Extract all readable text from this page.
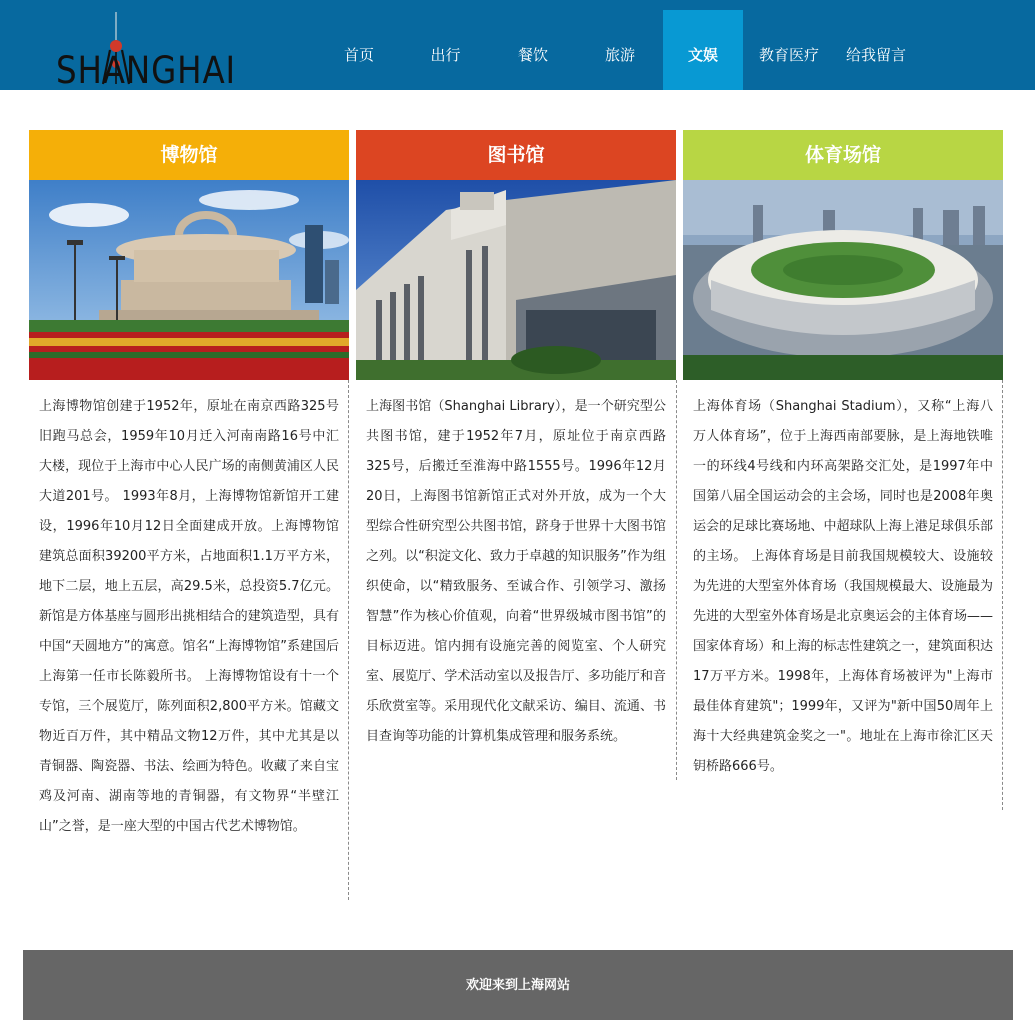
SHANGHAI	首页	出行	餐饮	旅游	文娱	教育医疗	给我留言
博物馆
上海博物馆创建于1952年，原址在南京西路325号旧跑马总会，1959年10月迁入河南南路16号中汇大楼，现位于上海市中心人民广场的南侧黄浦区人民大道201号。 1993年8月，上海博物馆新馆开工建设，1996年10月12日全面建成开放。上海博物馆建筑总面积39200平方米，占地面积1.1万平方米，地下二层，地上五层，高29.5米，总投资5.7亿元。新馆是方体基座与圆形出挑相结合的建筑造型，具有中国“天圆地方”的寓意。馆名“上海博物馆”系建国后上海第一任市长陈毅所书。 上海博物馆设有十一个专馆，三个展览厅，陈列面积2,800平方米。馆藏文物近百万件，其中精品文物12万件，其中尤其是以青铜器、陶瓷器、书法、绘画为特色。收藏了来自宝鸡及河南、湖南等地的青铜器，有文物界“半壁江山”之誉，是一座大型的中国古代艺术博物馆。
图书馆
上海图书馆（Shanghai Library），是一个研究型公共图书馆，建于1952年7月，原址位于南京西路325号，后搬迁至淮海中路1555号。1996年12月20日，上海图书馆新馆正式对外开放，成为一个大型综合性研究型公共图书馆，跻身于世界十大图书馆之列。以“积淀文化、致力于卓越的知识服务”作为组织使命，以“精致服务、至诚合作、引领学习、激扬智慧”作为核心价值观，向着“世界级城市图书馆”的目标迈进。馆内拥有设施完善的阅览室、个人研究室、展览厅、学术活动室以及报告厅、多功能厅和音乐欣赏室等。采用现代化文献采访、编目、流通、书目查询等功能的计算机集成管理和服务系统。
体育场馆
上海体育场（Shanghai Stadium），又称“上海八万人体育场”，位于上海西南部要脉，是上海地铁唯一的环线4号线和内环高架路交汇处，是1997年中国第八届全国运动会的主会场，同时也是2008年奥运会的足球比赛场地、中超球队上海上港足球俱乐部的主场。 上海体育场是目前我国规模较大、设施较为先进的大型室外体育场（我国规模最大、设施最为先进的大型室外体育场是北京奥运会的主体育场——国家体育场）和上海的标志性建筑之一，建筑面积达17万平方米。1998年，上海体育场被评为"上海市最佳体育建筑"；1999年，又评为"新中国50周年上海十大经典建筑金奖之一"。地址在上海市徐汇区天钥桥路666号。
欢迎来到上海网站
